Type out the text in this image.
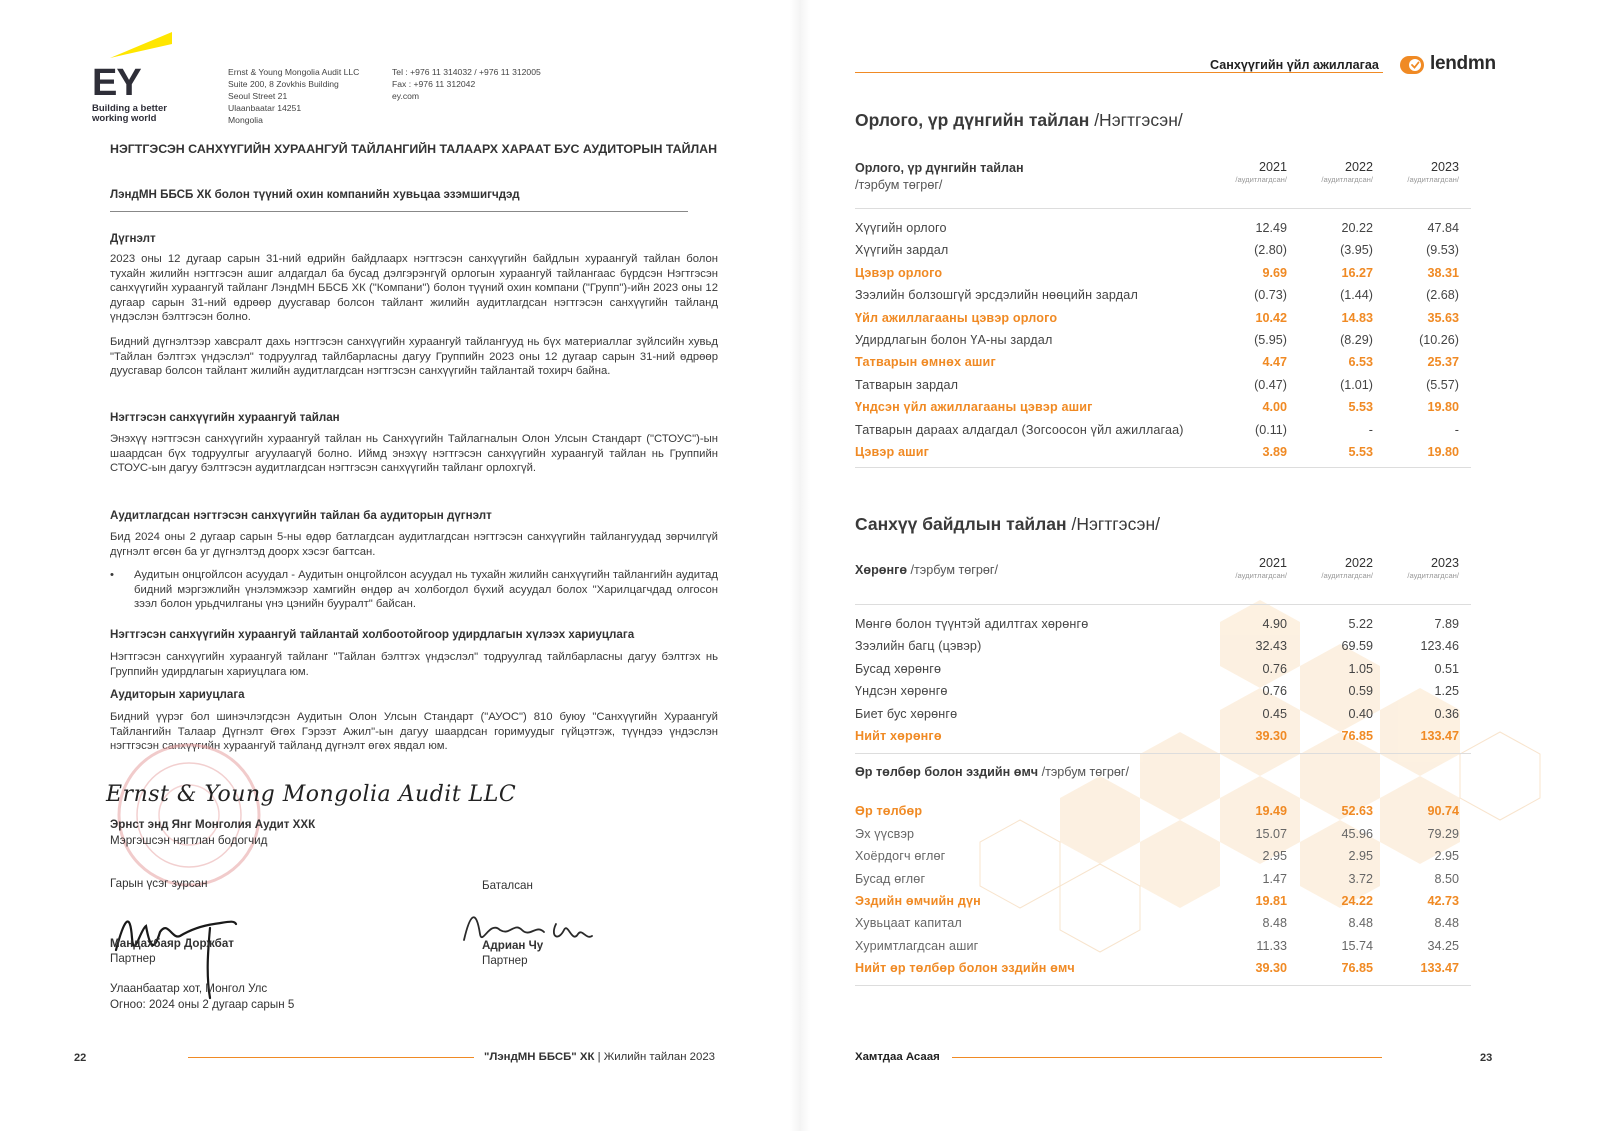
EY
Building a better
working world
Ernst & Young Mongolia Audit LLC
Suite 200, 8 Zovkhis Building
Seoul Street 21
Ulaanbaatar 14251
Mongolia
Tel : +976 11 314032 / +976 11 312005
Fax : +976 11 312042
ey.com
НЭГТГЭСЭН САНХҮҮГИЙН ХУРААНГУЙ ТАЙЛАНГИЙН ТАЛААРХ ХАРААТ БУС АУДИТОРЫН ТАЙЛАН
ЛэндМН ББСБ ХК болон түүний охин компанийн хувьцаа эзэмшигчдэд
Дүгнэлт
2023 оны 12 дугаар сарын 31-ний өдрийн байдлаарх нэгтгэсэн санхүүгийн байдлын хураангуй тайлан болон тухайн жилийн нэгтгэсэн ашиг алдагдал ба бусад дэлгэрэнгүй орлогын хураангуй тайлангаас бүрдсэн Нэгтгэсэн санхүүгийн хураангуй тайланг ЛэндМН ББСБ ХК ("Компани") болон түүний охин компани ("Групп")-ийн 2023 оны 12 дугаар сарын 31-ний өдрөөр дуусгавар болсон тайлант жилийн аудитлагдсан нэгтгэсэн санхүүгийн тайланд үндэслэн бэлтгэсэн болно.
Бидний дүгнэлтээр хавсралт дахь нэгтгэсэн санхүүгийн хураангуй тайлангууд нь бүх материаллаг зүйлсийн хувьд "Тайлан бэлтгэх үндэслэл" тодруулгад тайлбарласны дагуу Группийн 2023 оны 12 дугаар сарын 31-ний өдрөөр дуусгавар болсон тайлант жилийн аудитлагдсан нэгтгэсэн санхүүгийн тайлантай тохирч байна.
Нэгтгэсэн санхүүгийн хураангуй тайлан
Энэхүү нэгтгэсэн санхүүгийн хураангуй тайлан нь Санхүүгийн Тайлагналын Олон Улсын Стандарт ("СТОУС")-ын шаардсан бүх тодруулгыг агуулаагүй болно. Иймд энэхүү нэгтгэсэн санхүүгийн хураангуй тайлан нь Группийн СТОУС-ын дагуу бэлтгэсэн аудитлагдсан нэгтгэсэн санхүүгийн тайланг орлохгүй.
Аудитлагдсан нэгтгэсэн санхүүгийн тайлан ба аудиторын дүгнэлт
Бид 2024 оны 2 дугаар сарын 5-ны өдөр батлагдсан аудитлагдсан нэгтгэсэн санхүүгийн тайлангуудад зөрчилгүй дүгнэлт өгсөн ба уг дүгнэлтэд доорх хэсэг багтсан.
• Аудитын онцгойлсон асуудал - Аудитын онцгойлсон асуудал нь тухайн жилийн санхүүгийн тайлангийн аудитад бидний мэргэжлийн үнэлэмжээр хамгийн өндөр ач холбогдол бүхий асуудал болох "Харилцагчдад олгосон зээл болон урьдчилганы үнэ цэнийн бууралт" байсан.
Нэгтгэсэн санхүүгийн хураангуй тайлантай холбоотойгоор удирдлагын хүлээх хариуцлага
Нэгтгэсэн санхүүгийн хураангуй тайланг "Тайлан бэлтгэх үндэслэл" тодруулгад тайлбарласны дагуу бэлтгэх нь Группийн удирдлагын хариуцлага юм.
Аудиторын хариуцлага
Бидний үүрэг бол шинэчлэгдсэн Аудитын Олон Улсын Стандарт ("АУОС") 810 буюу "Санхүүгийн Хураангуй Тайлангийн Талаар Дүгнэлт Өгөх Гэрээт Ажил"-ын дагуу шаардсан горимуудыг гүйцэтгэж, түүндээ үндэслэн нэгтгэсэн санхүүгийн хураангуй тайланд дүгнэлт өгөх явдал юм.
Ernst & Young Mongolia Audit LLC
Эрнст энд Янг Монголия Аудит ХХК
Мэргэшсэн нягтлан бодогчид
Гарын үсэг зурсан	Баталсан
Мандахбаяр Доржбат
Партнер
Адриан Чу
Партнер
Улаанбаатар хот, Монгол Улс
Огноо: 2024 оны 2 дугаар сарын 5
22	"ЛэндМН ББСБ" ХК | Жилийн тайлан 2023
Санхүүгийн үйл ажиллагаа	lendmn
Орлого, үр дүнгийн тайлан /Нэгтгэсэн/
Орлого, үр дүнгийн тайлан
/тэрбум төгрөг/
2021
/аудитлагдсан/
2022
/аудитлагдсан/
2023
/аудитлагдсан/
Хүүгийн орлого	12.49	20.22	47.84
Хүүгийн зардал	(2.80)	(3.95)	(9.53)
Цэвэр орлого	9.69	16.27	38.31
Зээлийн болзошгүй эрсдэлийн нөөцийн зардал	(0.73)	(1.44)	(2.68)
Үйл ажиллагааны цэвэр орлого	10.42	14.83	35.63
Удирдлагын болон ҮА-ны зардал	(5.95)	(8.29)	(10.26)
Татварын өмнөх ашиг	4.47	6.53	25.37
Татварын зардал	(0.47)	(1.01)	(5.57)
Үндсэн үйл ажиллагааны цэвэр ашиг	4.00	5.53	19.80
Татварын дараах алдагдал (Зогсоосон үйл ажиллагаа)	(0.11)	-	-
Цэвэр ашиг	3.89	5.53	19.80
Санхүү байдлын тайлан /Нэгтгэсэн/
Хөрөнгө /тэрбум төгрөг/	2021
/аудитлагдсан/
2022
/аудитлагдсан/
2023
/аудитлагдсан/
Мөнгө болон түүнтэй адилтгах хөрөнгө	4.90	5.22	7.89
Зээлийн багц (цэвэр)	32.43	69.59	123.46
Бусад хөрөнгө	0.76	1.05	0.51
Үндсэн хөрөнгө	0.76	0.59	1.25
Биет бус хөрөнгө	0.45	0.40	0.36
Нийт хөрөнгө	39.30	76.85	133.47
Өр төлбөр болон эздийн өмч /тэрбум төгрөг/
Өр төлбөр	19.49	52.63	90.74
Эх үүсвэр	15.07	45.96	79.29
Хоёрдогч өглөг	2.95	2.95	2.95
Бусад өглөг	1.47	3.72	8.50
Эздийн өмчийн дүн	19.81	24.22	42.73
Хувьцаат капитал	8.48	8.48	8.48
Хуримтлагдсан ашиг	11.33	15.74	34.25
Нийт өр төлбөр болон эздийн өмч	39.30	76.85	133.47
Хамтдаа Асаая	23
